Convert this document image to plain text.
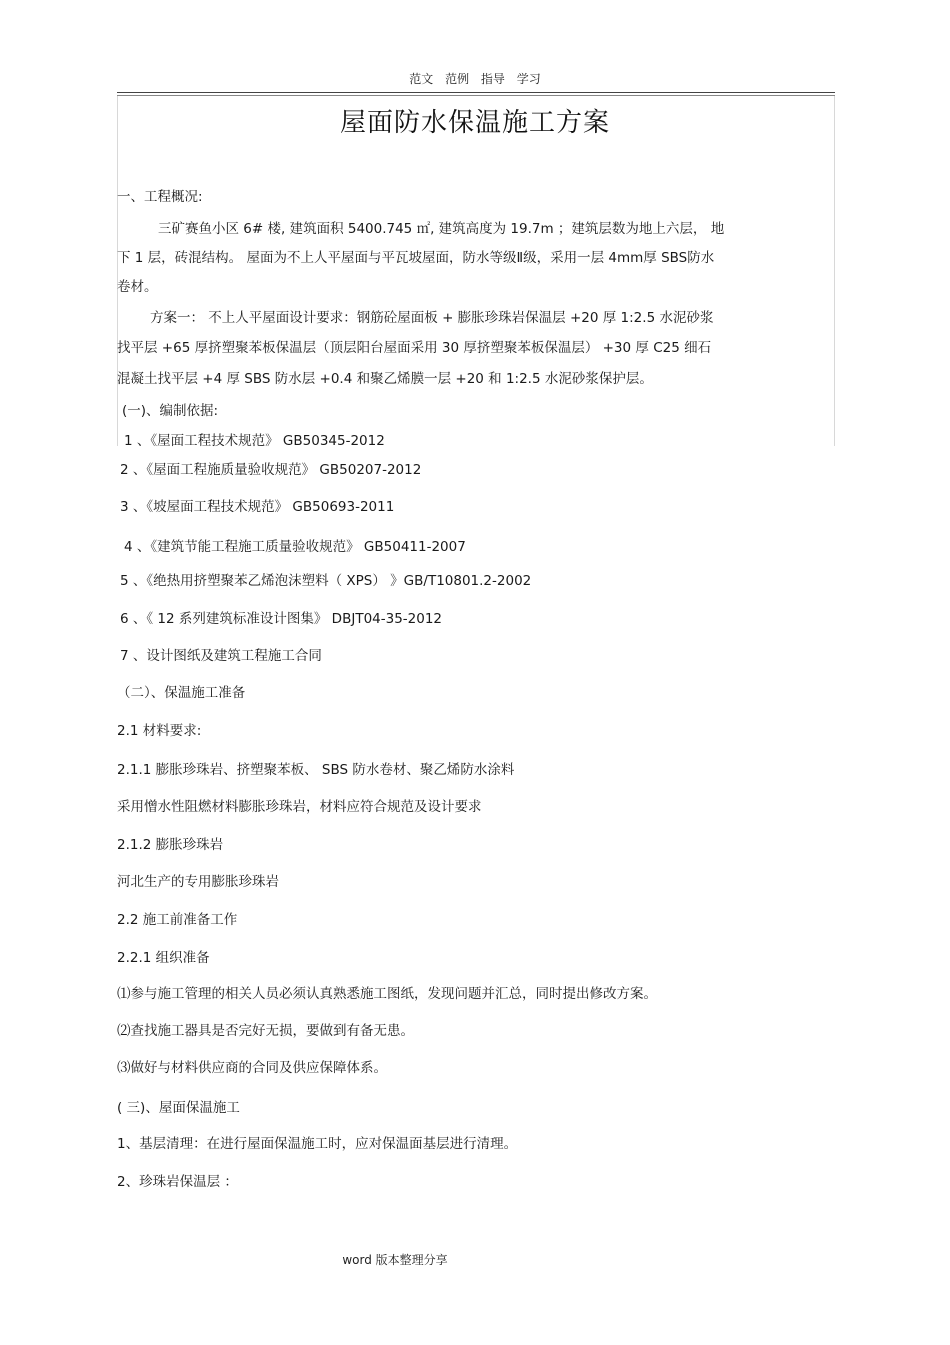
范文 范例 指导 学习
屋面防水保温施工方案
一、工程概况:
三矿赛鱼小区 6# 楼, 建筑面积 5400.745 ㎡, 建筑高度为 19.7m ；建筑层数为地上六层， 地
下 1 层，砖混结构。 屋面为不上人平屋面与平瓦坡屋面，防水等级Ⅱ级，采用一层 4mm厚 SBS防水
卷材。
方案一： 不上人平屋面设计要求：钢筋砼屋面板 + 膨胀珍珠岩保温层 +20 厚 1:2.5 水泥砂浆
找平层 +65 厚挤塑聚苯板保温层（顶层阳台屋面采用 30 厚挤塑聚苯板保温层） +30 厚 C25 细石
混凝土找平层 +4 厚 SBS 防水层 +0.4 和聚乙烯膜一层 +20 和 1:2.5 水泥砂浆保护层。
(一)、编制依据:
1 、《屋面工程技术规范》 GB50345-2012
2 、《屋面工程施质量验收规范》 GB50207-2012
3 、《坡屋面工程技术规范》 GB50693-2011
4 、《建筑节能工程施工质量验收规范》 GB50411-2007
5 、《绝热用挤塑聚苯乙烯泡沫塑料（ XPS） 》GB/T10801.2-2002
6 、《 12 系列建筑标准设计图集》 DBJT04-35-2012
7 、设计图纸及建筑工程施工合同
（二）、保温施工准备
2.1 材料要求:
2.1.1 膨胀珍珠岩、挤塑聚苯板、 SBS 防水卷材、聚乙烯防水涂料
采用憎水性阻燃材料膨胀珍珠岩，材料应符合规范及设计要求
2.1.2 膨胀珍珠岩
河北生产的专用膨胀珍珠岩
2.2 施工前准备工作
2.2.1 组织准备
⑴参与施工管理的相关人员必须认真熟悉施工图纸，发现问题并汇总，同时提出修改方案。
⑵查找施工器具是否完好无损，要做到有备无患。
⑶做好与材料供应商的合同及供应保障体系。
( 三)、屋面保温施工
1、基层清理：在进行屋面保温施工时，应对保温面基层进行清理。
2、珍珠岩保温层 ：
word 版本整理分享
